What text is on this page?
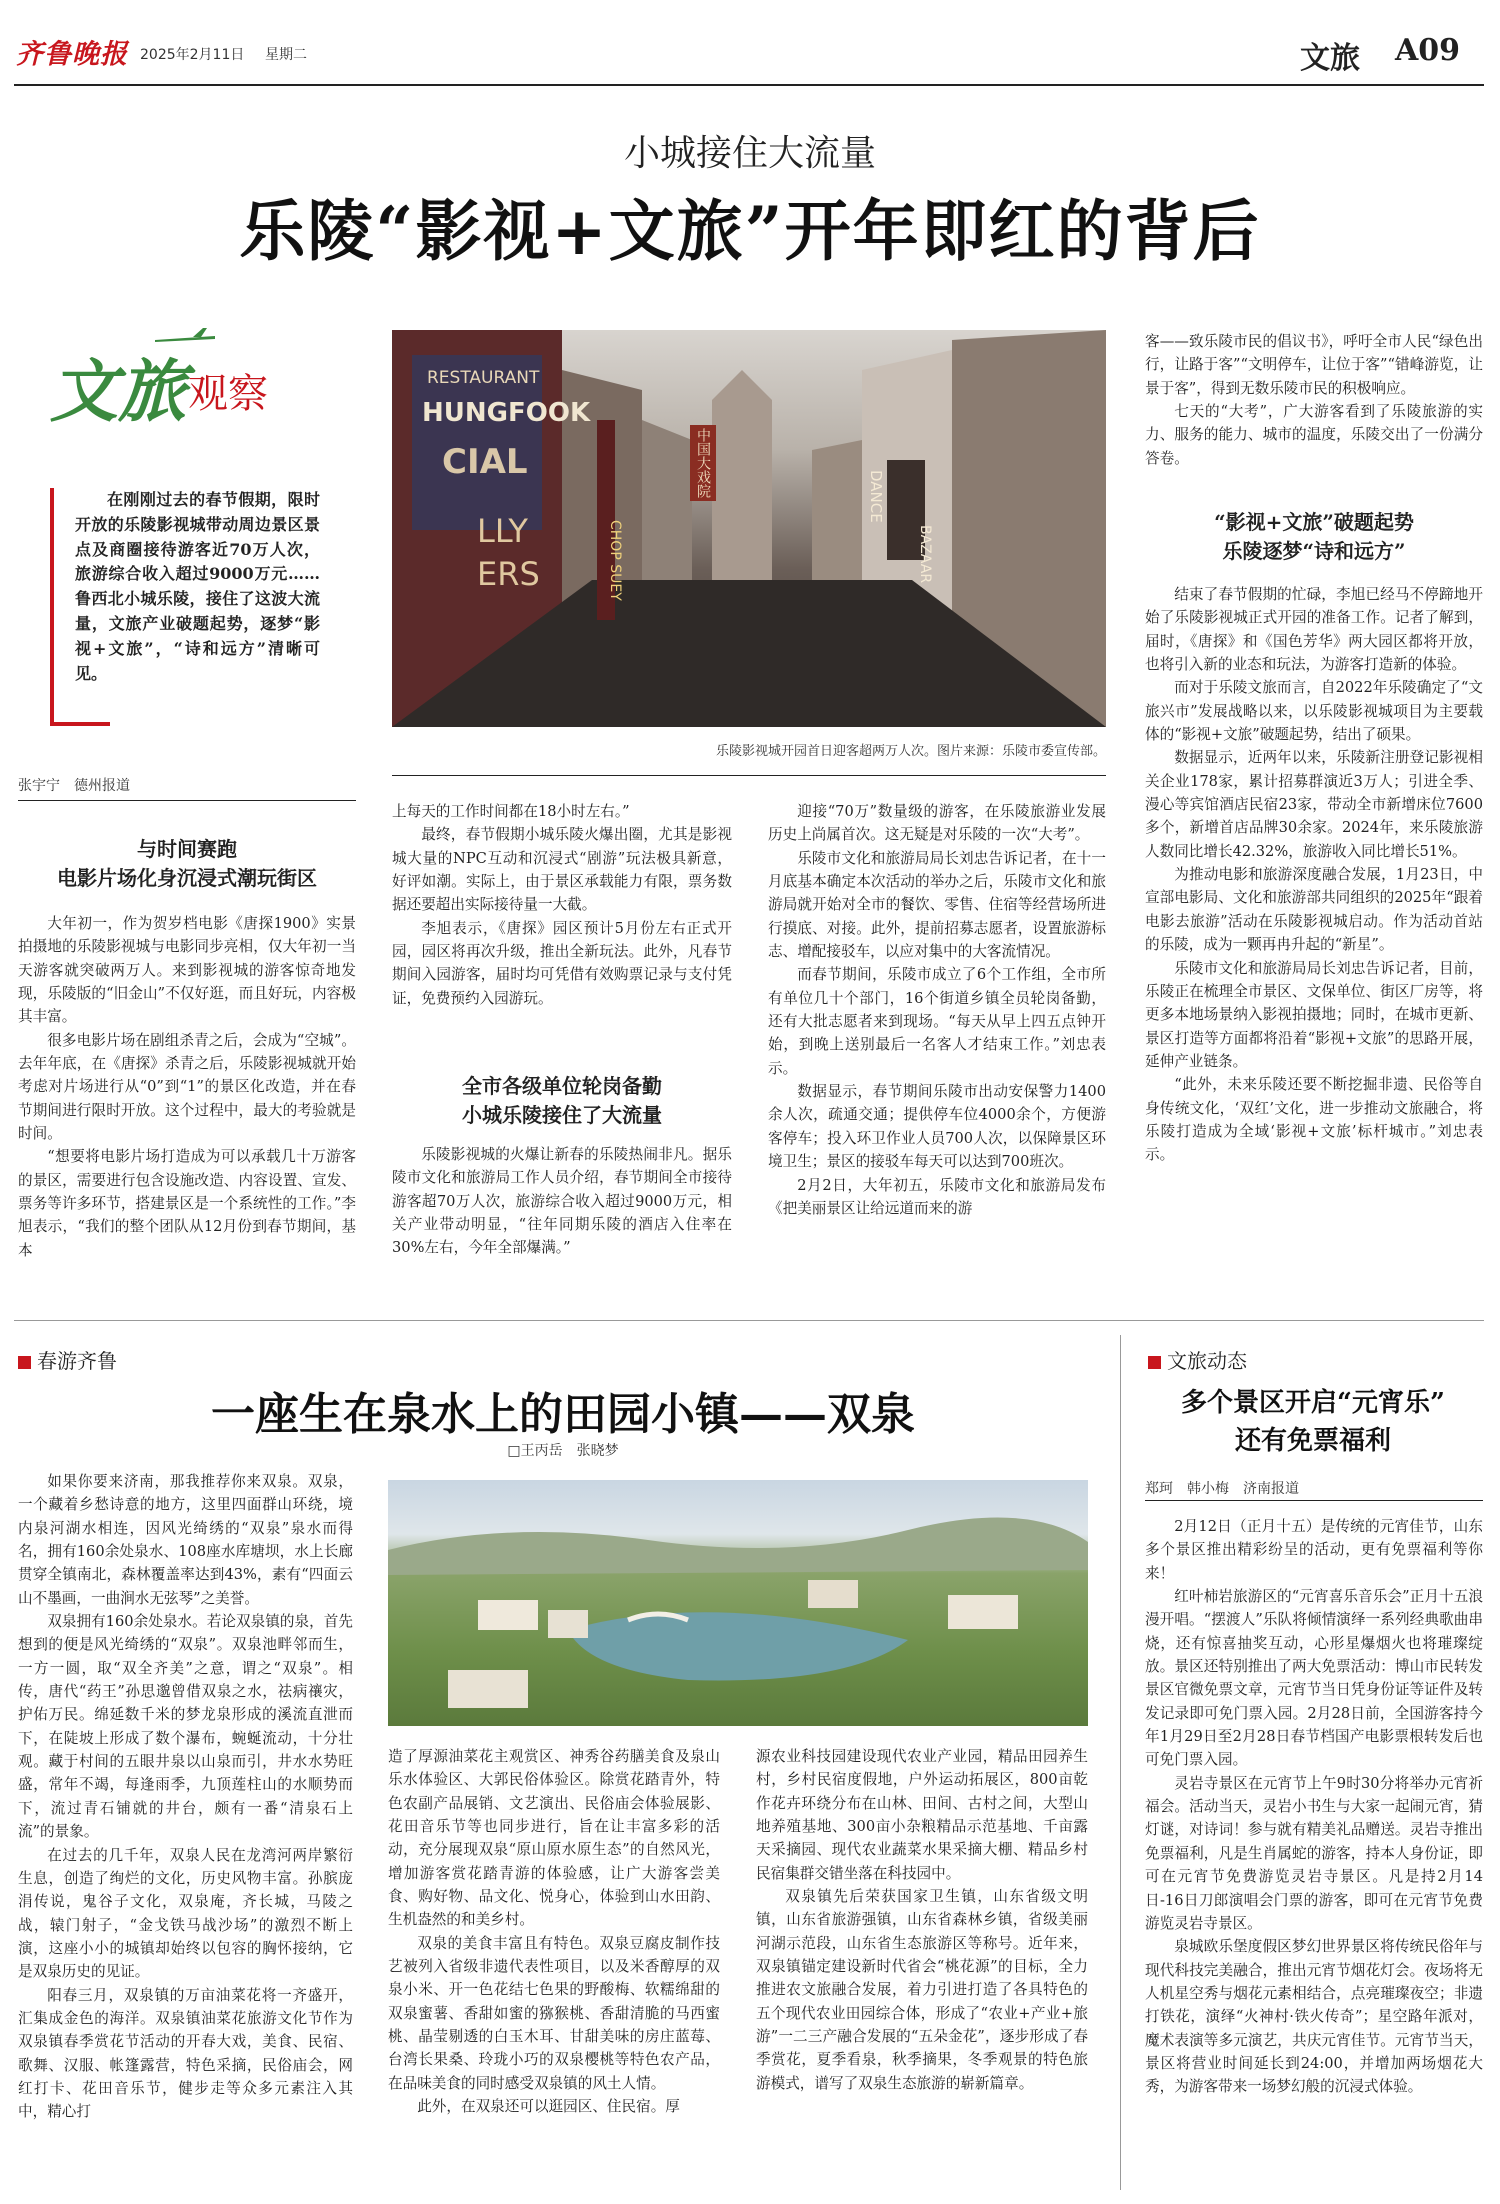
齐鲁晚报 2025年2月11日 星期二	文旅 A09
小城接住大流量
乐陵“影视+文旅”开年即红的背后
文旅 观察
在刚刚过去的春节假期，限时开放的乐陵影视城带动周边景区景点及商圈接待游客近70万人次，旅游综合收入超过9000万元……鲁西北小城乐陵，接住了这波大流量，文旅产业破题起势，逐梦“影视+文旅”，“诗和远方”清晰可见。
张宇宁　德州报道
RESTAURANT
HUNGFOOK
CIAL
LLY
ERS
DANCE
BAZAAR
CHOP SUEY
中国大戏院
乐陵影视城开园首日迎客超两万人次。图片来源：乐陵市委宣传部。
与时间赛跑
电影片场化身沉浸式潮玩街区

大年初一，作为贺岁档电影《唐探1900》实景拍摄地的乐陵影视城与电影同步亮相，仅大年初一当天游客就突破两万人。来到影视城的游客惊奇地发现，乐陵版的“旧金山”不仅好逛，而且好玩，内容极其丰富。

很多电影片场在剧组杀青之后，会成为“空城”。去年年底，在《唐探》杀青之后，乐陵影视城就开始考虑对片场进行从“0”到“1”的景区化改造，并在春节期间进行限时开放。这个过程中，最大的考验就是时间。

“想要将电影片场打造成为可以承载几十万游客的景区，需要进行包含设施改造、内容设置、宣发、票务等许多环节，搭建景区是一个系统性的工作。”李旭表示，“我们的整个团队从12月份到春节期间，基本

上每天的工作时间都在18小时左右。”

最终，春节假期小城乐陵火爆出圈，尤其是影视城大量的NPC互动和沉浸式“剧游”玩法极具新意，好评如潮。实际上，由于景区承载能力有限，票务数据还要超出实际接待量一大截。

李旭表示，《唐探》园区预计5月份左右正式开园，园区将再次升级，推出全新玩法。此外，凡春节期间入园游客，届时均可凭借有效购票记录与支付凭证，免费预约入园游玩。

全市各级单位轮岗备勤
小城乐陵接住了大流量

乐陵影视城的火爆让新春的乐陵热闹非凡。据乐陵市文化和旅游局工作人员介绍，春节期间全市接待游客超70万人次，旅游综合收入超过9000万元，相关产业带动明显，“往年同期乐陵的酒店入住率在30%左右，今年全部爆满。”

迎接“70万”数量级的游客，在乐陵旅游业发展历史上尚属首次。这无疑是对乐陵的一次“大考”。

乐陵市文化和旅游局局长刘忠告诉记者，在十一月底基本确定本次活动的举办之后，乐陵市文化和旅游局就开始对全市的餐饮、零售、住宿等经营场所进行摸底、对接。此外，提前招募志愿者，设置旅游标志、增配接驳车，以应对集中的大客流情况。

而春节期间，乐陵市成立了6个工作组，全市所有单位几十个部门，16个街道乡镇全员轮岗备勤，还有大批志愿者来到现场。“每天从早上四五点钟开始，到晚上送别最后一名客人才结束工作。”刘忠表示。

数据显示，春节期间乐陵市出动安保警力1400余人次，疏通交通；提供停车位4000余个，方便游客停车；投入环卫作业人员700人次，以保障景区环境卫生；景区的接驳车每天可以达到700班次。

2月2日，大年初五，乐陵市文化和旅游局发布《把美丽景区让给远道而来的游

客——致乐陵市民的倡议书》，呼吁全市人民“绿色出行，让路于客”“文明停车，让位于客”“错峰游览，让景于客”，得到无数乐陵市民的积极响应。

七天的“大考”，广大游客看到了乐陵旅游的实力、服务的能力、城市的温度，乐陵交出了一份满分答卷。

“影视+文旅”破题起势
乐陵逐梦“诗和远方”

结束了春节假期的忙碌，李旭已经马不停蹄地开始了乐陵影视城正式开园的准备工作。记者了解到，届时，《唐探》和《国色芳华》两大园区都将开放，也将引入新的业态和玩法，为游客打造新的体验。

而对于乐陵文旅而言，自2022年乐陵确定了“文旅兴市”发展战略以来，以乐陵影视城项目为主要载体的“影视+文旅”破题起势，结出了硕果。

数据显示，近两年以来，乐陵新注册登记影视相关企业178家，累计招募群演近3万人；引进全季、漫心等宾馆酒店民宿23家，带动全市新增床位7600多个，新增首店品牌30余家。2024年，来乐陵旅游人数同比增长42.32%，旅游收入同比增长51%。

为推动电影和旅游深度融合发展，1月23日，中宣部电影局、文化和旅游部共同组织的2025年“跟着电影去旅游”活动在乐陵影视城启动。作为活动首站的乐陵，成为一颗再冉升起的“新星”。

乐陵市文化和旅游局局长刘忠告诉记者，目前，乐陵正在梳理全市景区、文保单位、街区厂房等，将更多本地场景纳入影视拍摄地；同时，在城市更新、景区打造等方面都将沿着“影视+文旅”的思路开展，延伸产业链条。

“此外，未来乐陵还要不断挖掘非遗、民俗等自身传统文化，‘双红’文化，进一步推动文旅融合，将乐陵打造成为全域‘影视+文旅’标杆城市。”刘忠表示。

春游齐鲁
一座生在泉水上的田园小镇——双泉
□王丙岳　张晓梦

如果你要来济南，那我推荐你来双泉。双泉，一个藏着乡愁诗意的地方，这里四面群山环绕，境内泉河湖水相连，因风光绮绣的“双泉”泉水而得名，拥有160余处泉水、108座水库塘坝，水上长廊贯穿全镇南北，森林覆盖率达到43%，素有“四面云山不墨画，一曲涧水无弦琴”之美誉。

双泉拥有160余处泉水。若论双泉镇的泉，首先想到的便是风光绮绣的“双泉”。双泉池畔邻而生，一方一圆，取“双全齐美”之意，谓之“双泉”。相传，唐代“药王”孙思邈曾借双泉之水，祛病禳灾，护佑万民。绵延数千米的梦龙泉形成的溪流直泄而下，在陡坡上形成了数个瀑布，蜿蜒流动，十分壮观。藏于村间的五眼井泉以山泉而引，井水水势旺盛，常年不竭，每逢雨季，九顶莲柱山的水顺势而下，流过青石铺就的井台，颇有一番“清泉石上流”的景象。

在过去的几千年，双泉人民在龙湾河两岸繁衍生息，创造了绚烂的文化，历史风物丰富。孙膑庞涓传说，鬼谷子文化，双泉庵，齐长城，马陵之战，辕门射子，“金戈铁马战沙场”的激烈不断上演，这座小小的城镇却始终以包容的胸怀接纳，它是双泉历史的见证。

阳春三月，双泉镇的万亩油菜花将一齐盛开，汇集成金色的海洋。双泉镇油菜花旅游文化节作为双泉镇春季赏花节活动的开春大戏，美食、民宿、歌舞、汉服、帐篷露营，特色采摘，民俗庙会，网红打卡、花田音乐节，健步走等众多元素注入其中，精心打

造了厚源油菜花主观赏区、神秀谷药膳美食及泉山乐水体验区、大郭民俗体验区。除赏花踏青外，特色农副产品展销、文艺演出、民俗庙会体验展影、花田音乐节等也同步进行，旨在让丰富多彩的活动，充分展现双泉“原山原水原生态”的自然风光，增加游客赏花踏青游的体验感，让广大游客尝美食、购好物、品文化、悦身心，体验到山水田韵、生机盎然的和美乡村。

双泉的美食丰富且有特色。双泉豆腐皮制作技艺被列入省级非遗代表性项目，以及米香醇厚的双泉小米、开一色花结七色果的野酸梅、软糯绵甜的双泉蜜薯、香甜如蜜的猕猴桃、香甜清脆的马西蜜桃、晶莹剔透的白玉木耳、甘甜美味的房庄蓝莓、台湾长果桑、玲珑小巧的双泉樱桃等特色农产品，在品味美食的同时感受双泉镇的风土人情。

此外，在双泉还可以逛园区、住民宿。厚

源农业科技园建设现代农业产业园，精品田园养生村，乡村民宿度假地，户外运动拓展区，800亩乾作花卉环绕分布在山林、田间、古村之间，大型山地养殖基地、300亩小杂粮精品示范基地、千亩露天采摘园、现代农业蔬菜水果采摘大棚、精品乡村民宿集群交错坐落在科技园中。

双泉镇先后荣获国家卫生镇，山东省级文明镇，山东省旅游强镇，山东省森林乡镇，省级美丽河湖示范段，山东省生态旅游区等称号。近年来，双泉镇锚定建设新时代省会“桃花源”的目标，全力推进农文旅融合发展，着力引进打造了各具特色的五个现代农业田园综合体，形成了“农业+产业+旅游”一二三产融合发展的“五朵金花”，逐步形成了春季赏花，夏季看泉，秋季摘果，冬季观景的特色旅游模式，谱写了双泉生态旅游的崭新篇章。

文旅动态
多个景区开启“元宵乐”
还有免票福利
郑珂　韩小梅　济南报道

2月12日（正月十五）是传统的元宵佳节，山东多个景区推出精彩纷呈的活动，更有免票福利等你来！

红叶柿岩旅游区的“元宵喜乐音乐会”正月十五浪漫开唱。“摆渡人”乐队将倾情演绎一系列经典歌曲串烧，还有惊喜抽奖互动，心形星爆烟火也将璀璨绽放。景区还特别推出了两大免票活动：博山市民转发景区官微免票文章，元宵节当日凭身份证等证件及转发记录即可免门票入园。2月28日前，全国游客持今年1月29日至2月28日春节档国产电影票根转发后也可免门票入园。

灵岩寺景区在元宵节上午9时30分将举办元宵祈福会。活动当天，灵岩小书生与大家一起闹元宵，猜灯谜，对诗词！参与就有精美礼品赠送。灵岩寺推出免票福利，凡是生肖属蛇的游客，持本人身份证，即可在元宵节免费游览灵岩寺景区。凡是持2月14日-16日刀郎演唱会门票的游客，即可在元宵节免费游览灵岩寺景区。

泉城欧乐堡度假区梦幻世界景区将传统民俗年与现代科技完美融合，推出元宵节烟花灯会。夜场将无人机星空秀与烟花元素相结合，点亮璀璨夜空；非遗打铁花，演绎“火神村·铁火传奇”；星空路年派对，魔术表演等多元演艺，共庆元宵佳节。元宵节当天，景区将营业时间延长到24:00，并增加两场烟花大秀，为游客带来一场梦幻般的沉浸式体验。
